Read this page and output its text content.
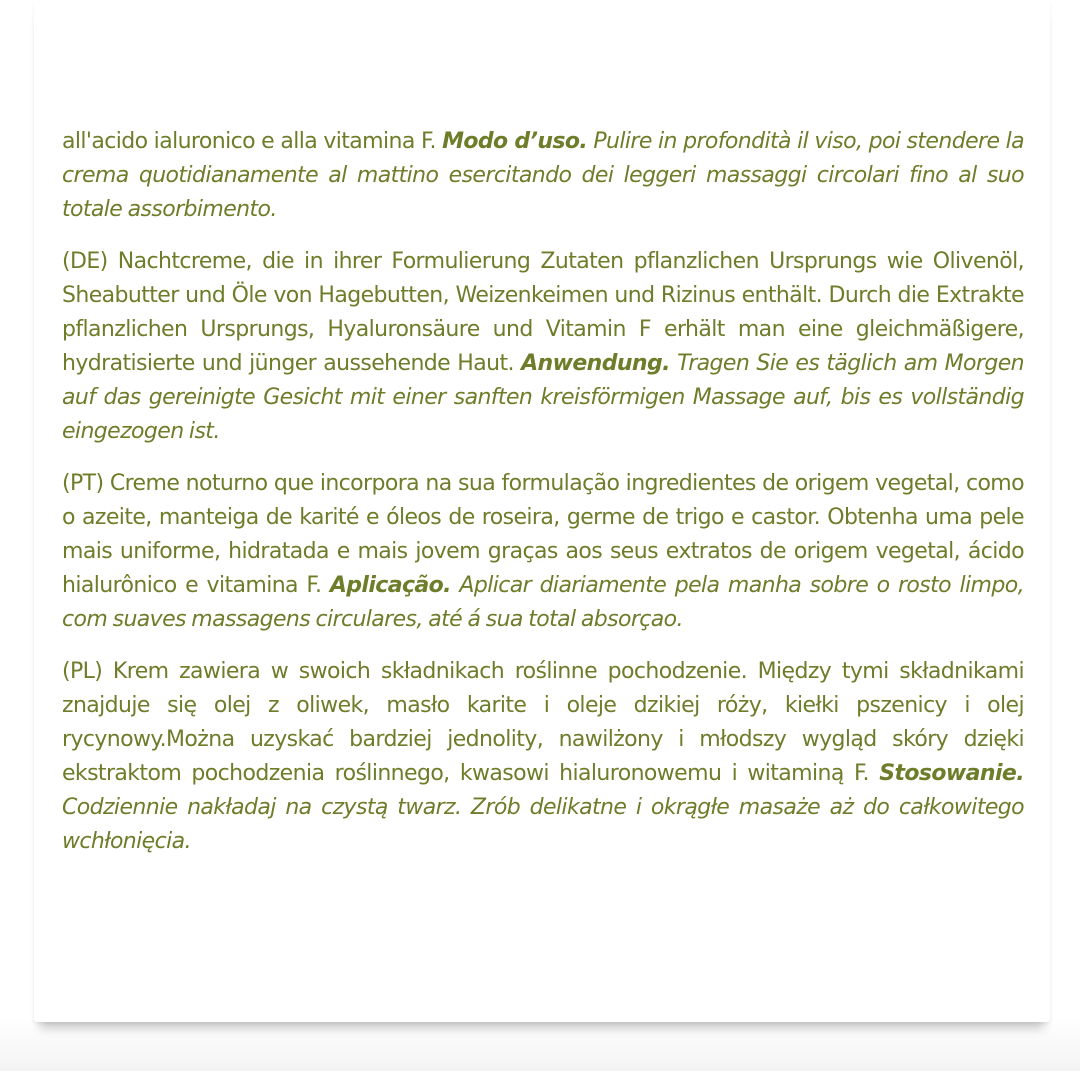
all'acido ialuronico e alla vitamina F. Modo d’uso. Pulire in profondità il viso, poi stendere la crema quotidianamente al mattino esercitando dei leggeri massaggi circolari fino al suo totale assorbimento.

(DE) Nachtcreme, die in ihrer Formulierung Zutaten pflanzlichen Ursprungs wie Olivenöl, Sheabutter und Öle von Hagebutten, Weizenkeimen und Rizinus enthält. Durch die Extrakte pflanzlichen Ursprungs, Hyaluronsäure und Vitamin F erhält man eine gleichmäßigere, hydratisierte und jünger aussehende Haut. Anwendung. Tragen Sie es täglich am Morgen auf das gereinigte Gesicht mit einer sanften kreisförmigen Massage auf, bis es vollständig eingezogen ist.

(PT) Creme noturno que incorpora na sua formulação ingredientes de origem vegetal, como o azeite, manteiga de karité e óleos de roseira, germe de trigo e castor. Obtenha uma pele mais uniforme, hidratada e mais jovem graças aos seus extratos de origem vegetal, ácido hialurônico e vitamina F. Aplicação. Aplicar diariamente pela manha sobre o rosto limpo, com suaves massagens circulares, até á sua total absorçao.

(PL) Krem zawiera w swoich składnikach roślinne pochodzenie. Między tymi składnikami znajduje się olej z oliwek, masło karite i oleje dzikiej róży, kiełki pszenicy i olej rycynowy.Można uzyskać bardziej jednolity, nawilżony i młodszy wygląd skóry dzięki ekstraktom pochodzenia roślinnego, kwasowi hialuronowemu i witaminą F. Stosowanie. Codziennie nakładaj na czystą twarz. Zrób delikatne i okrągłe masaże aż do całkowitego wchłonięcia.
